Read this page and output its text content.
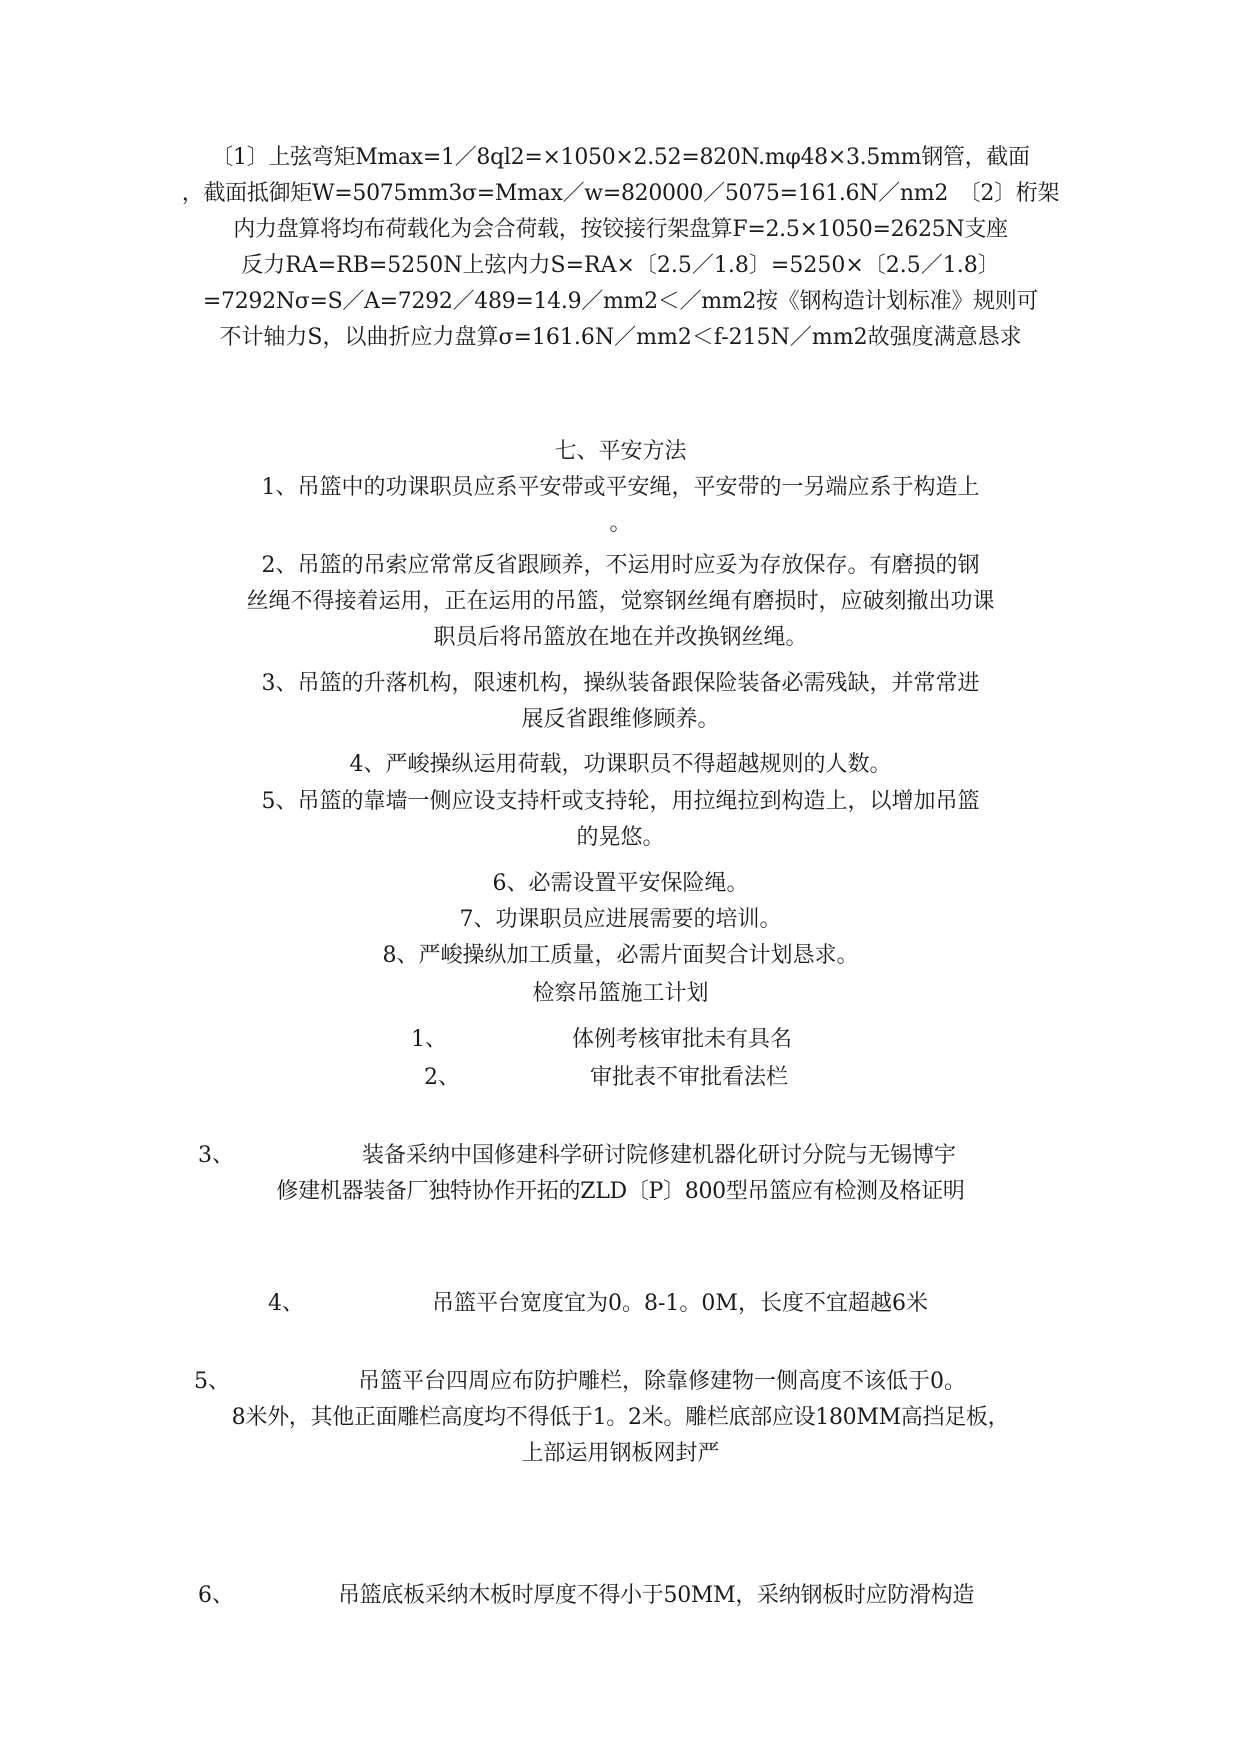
〔1〕上弦弯矩Mmax=1／8ql2=×1050×2.52=820N.mφ48×3.5mm钢管，截面
，截面抵御矩W=5075mm3σ=Mmax／w=820000／5075=161.6N／nm2　〔2〕桁架
内力盘算将均布荷载化为会合荷载，按铰接行架盘算F=2.5×1050=2625N支座
反力RA=RB=5250N上弦内力S=RA×〔2.5／1.8〕=5250×〔2.5／1.8〕
=7292Nσ=S／A=7292／489=14.9／mm2＜／mm2按《钢构造计划标准》规则可
不计轴力S，以曲折应力盘算σ=161.6N／mm2＜f-215N／mm2故强度满意恳求
七、平安方法
1、吊篮中的功课职员应系平安带或平安绳，平安带的一另端应系于构造上
。
2、吊篮的吊索应常常反省跟顾养，不运用时应妥为存放保存。有磨损的钢
丝绳不得接着运用，正在运用的吊篮，觉察钢丝绳有磨损时，应破刻撤出功课
职员后将吊篮放在地在并改换钢丝绳。
3、吊篮的升落机构，限速机构，操纵装备跟保险装备必需残缺，并常常进
展反省跟维修顾养。
4、严峻操纵运用荷载，功课职员不得超越规则的人数。
5、吊篮的靠墙一侧应设支持杆或支持轮，用拉绳拉到构造上，以增加吊篮
的晃悠。
6、必需设置平安保险绳。
7、功课职员应进展需要的培训。
8、严峻操纵加工质量，必需片面契合计划恳求。
检察吊篮施工计划
1、	体例考核审批未有具名
2、	审批表不审批看法栏
3、	装备采纳中国修建科学研讨院修建机器化研讨分院与无锡博宇
修建机器装备厂独特协作开拓的ZLD〔P〕800型吊篮应有检测及格证明
4、	吊篮平台宽度宜为0。8-1。0M，长度不宜超越6米
5、	吊篮平台四周应布防护雕栏，除靠修建物一侧高度不该低于0。
8米外，其他正面雕栏高度均不得低于1。2米。雕栏底部应设180MM高挡足板，
上部运用钢板网封严
6、	吊篮底板采纳木板时厚度不得小于50MM，采纳钢板时应防滑构造
